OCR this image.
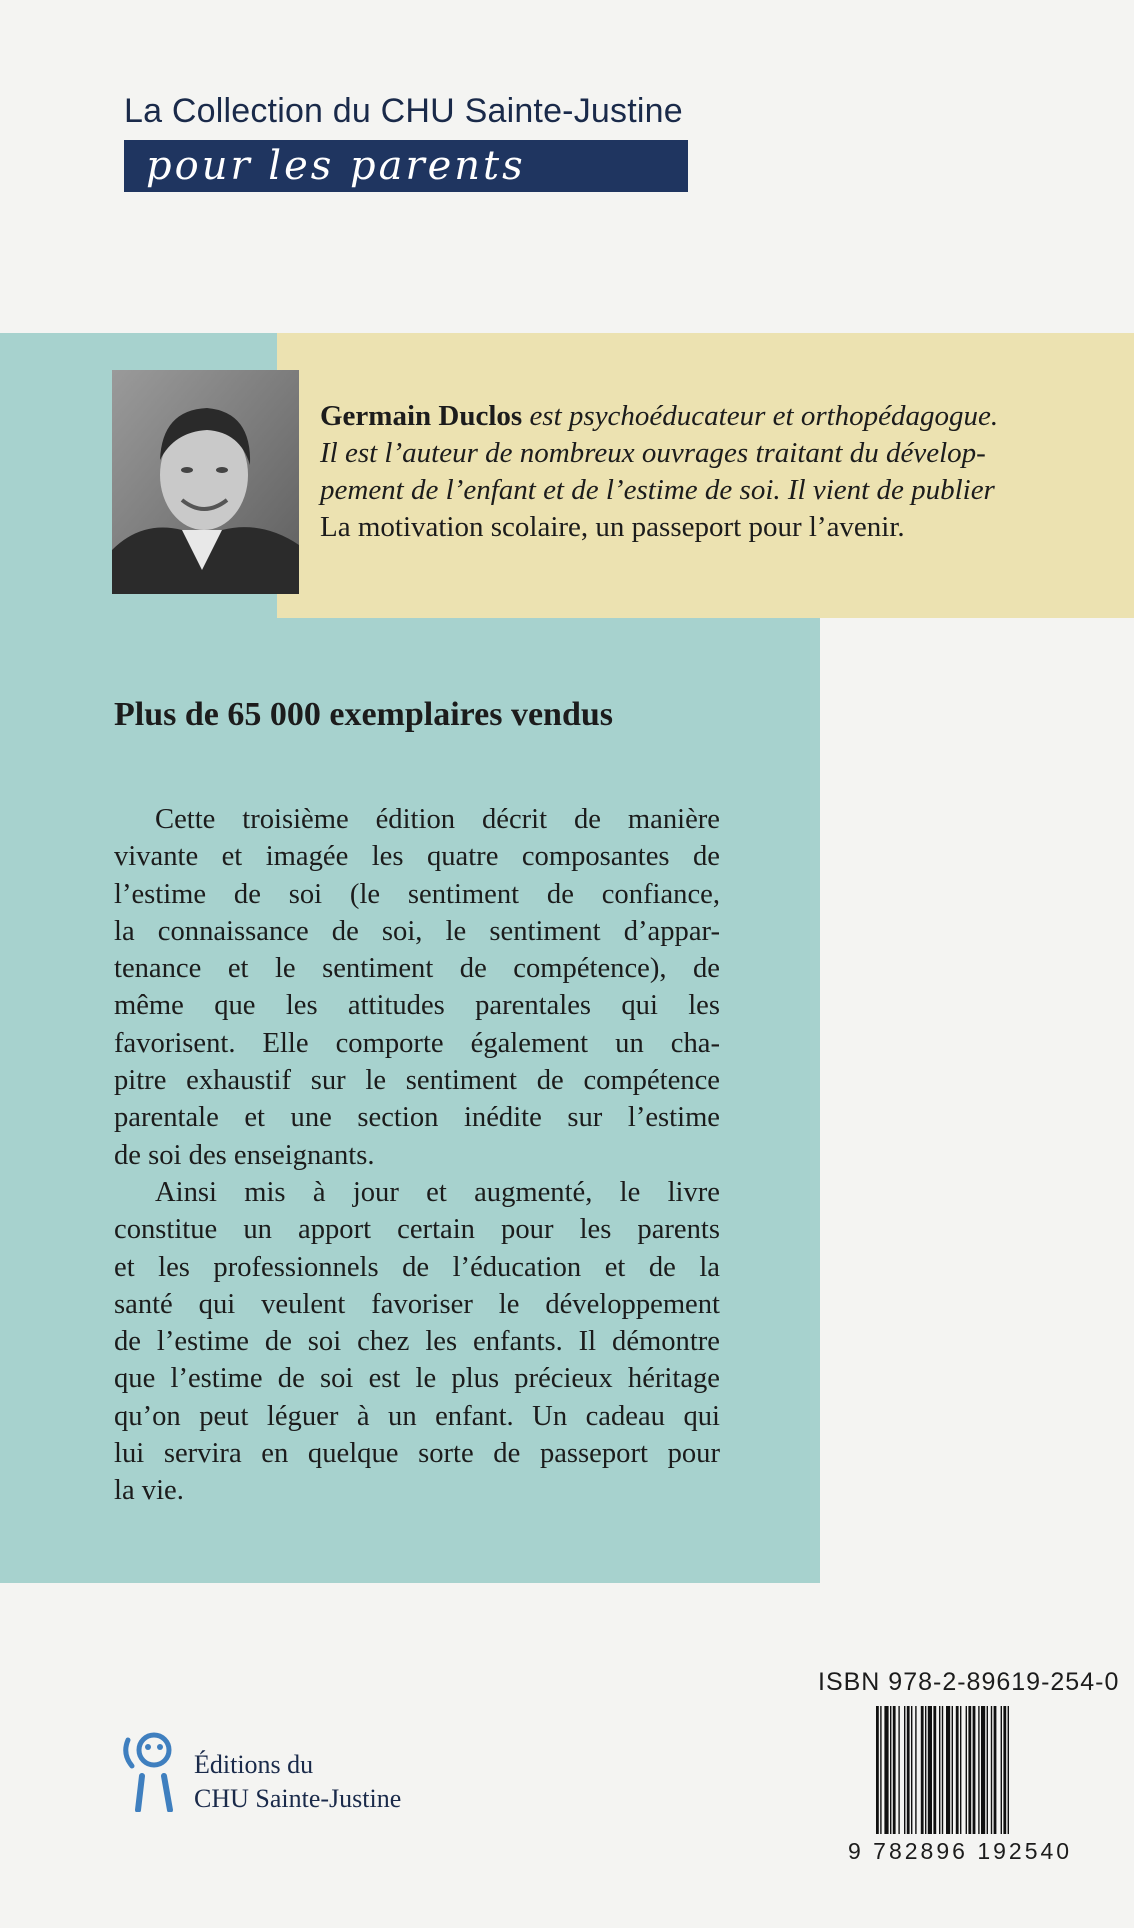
La Collection du CHU Sainte-Justine
pour les parents
Germain Duclos est psychoéducateur et orthopédagogue.
Il est l’auteur de nombreux ouvrages traitant du dévelop-
pement de l’enfant et de l’estime de soi. Il vient de publier
La motivation scolaire, un passeport pour l’avenir.
Plus de 65 000 exemplaires vendus
Cette troisième édition décrit de manière
vivante et imagée les quatre composantes de
l’estime de soi (le sentiment de confiance,
la connaissance de soi, le sentiment d’appar-
tenance et le sentiment de compétence), de
même que les attitudes parentales qui les
favorisent. Elle comporte également un cha-
pitre exhaustif sur le sentiment de compétence
parentale et une section inédite sur l’estime
de soi des enseignants.
Ainsi mis à jour et augmenté, le livre
constitue un apport certain pour les parents
et les professionnels de l’éducation et de la
santé qui veulent favoriser le développement
de l’estime de soi chez les enfants. Il démontre
que l’estime de soi est le plus précieux héritage
qu’on peut léguer à un enfant. Un cadeau qui
lui servira en quelque sorte de passeport pour
la vie.
ISBN 978-2-89619-254-0
9 782896 192540
Éditions du
CHU Sainte-Justine
